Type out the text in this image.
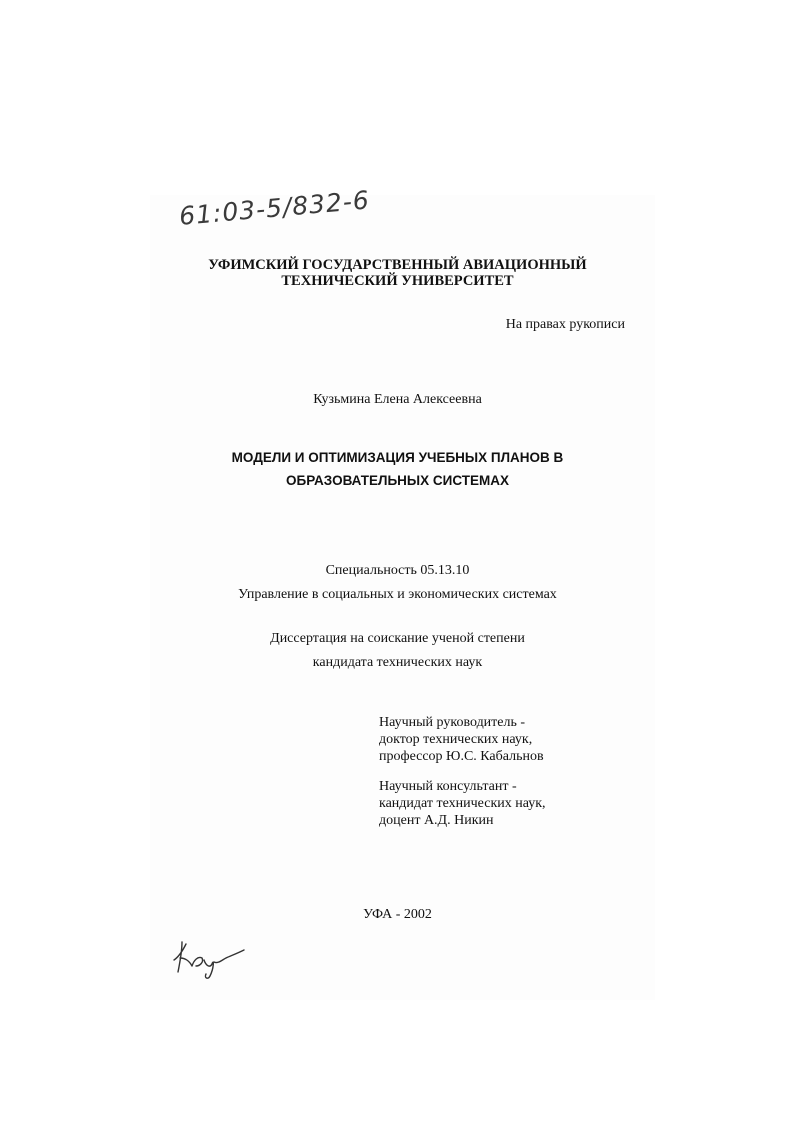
61:03-5/832-6
УФИМСКИЙ ГОСУДАРСТВЕННЫЙ АВИАЦИОННЫЙ
ТЕХНИЧЕСКИЙ УНИВЕРСИТЕТ
На правах рукописи
Кузьмина Елена Алексеевна
МОДЕЛИ И ОПТИМИЗАЦИЯ УЧЕБНЫХ ПЛАНОВ В
ОБРАЗОВАТЕЛЬНЫХ СИСТЕМАХ
Специальность 05.13.10
Управление в социальных и экономических системах
Диссертация на соискание ученой степени
кандидата технических наук
Научный руководитель -
доктор технических наук,
профессор Ю.С. Кабальнов
Научный консультант -
кандидат технических наук,
доцент А.Д. Никин
УФА - 2002
